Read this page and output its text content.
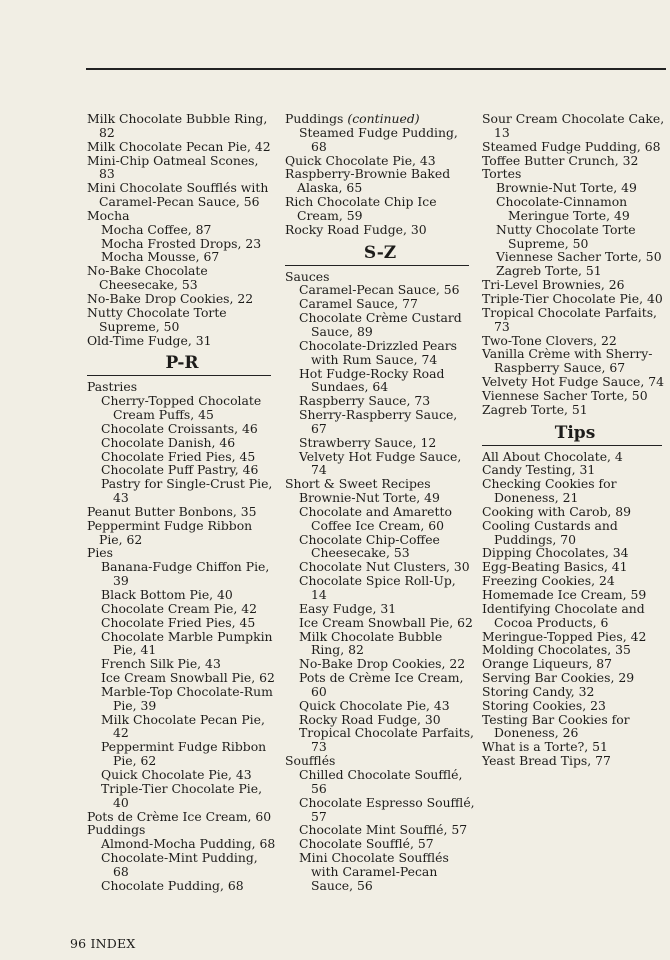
Milk Chocolate Bubble Ring, 82
Milk Chocolate Pecan Pie, 42
Mini-Chip Oatmeal Scones, 83
Mini Chocolate Soufflés with Caramel-Pecan Sauce, 56
Mocha
Mocha Coffee, 87
Mocha Frosted Drops, 23
Mocha Mousse, 67
No-Bake Chocolate Cheesecake, 53
No-Bake Drop Cookies, 22
Nutty Chocolate Torte Supreme, 50
Old-Time Fudge, 31
P-R
Pastries
Cherry-Topped Chocolate Cream Puffs, 45
Chocolate Croissants, 46
Chocolate Danish, 46
Chocolate Fried Pies, 45
Chocolate Puff Pastry, 46
Pastry for Single-Crust Pie, 43
Peanut Butter Bonbons, 35
Peppermint Fudge Ribbon Pie, 62
Pies
Banana-Fudge Chiffon Pie, 39
Black Bottom Pie, 40
Chocolate Cream Pie, 42
Chocolate Fried Pies, 45
Chocolate Marble Pumpkin Pie, 41
French Silk Pie, 43
Ice Cream Snowball Pie, 62
Marble-Top Chocolate-Rum Pie, 39
Milk Chocolate Pecan Pie, 42
Peppermint Fudge Ribbon Pie, 62
Quick Chocolate Pie, 43
Triple-Tier Chocolate Pie, 40
Pots de Crème Ice Cream, 60
Puddings
Almond-Mocha Pudding, 68
Chocolate-Mint Pudding, 68
Chocolate Pudding, 68
Puddings (continued)
Steamed Fudge Pudding, 68
Quick Chocolate Pie, 43
Raspberry-Brownie Baked Alaska, 65
Rich Chocolate Chip Ice Cream, 59
Rocky Road Fudge, 30
S-Z
Sauces
Caramel-Pecan Sauce, 56
Caramel Sauce, 77
Chocolate Crème Custard Sauce, 89
Chocolate-Drizzled Pears with Rum Sauce, 74
Hot Fudge-Rocky Road Sundaes, 64
Raspberry Sauce, 73
Sherry-Raspberry Sauce, 67
Strawberry Sauce, 12
Velvety Hot Fudge Sauce, 74
Short & Sweet Recipes
Brownie-Nut Torte, 49
Chocolate and Amaretto Coffee Ice Cream, 60
Chocolate Chip-Coffee Cheesecake, 53
Chocolate Nut Clusters, 30
Chocolate Spice Roll-Up, 14
Easy Fudge, 31
Ice Cream Snowball Pie, 62
Milk Chocolate Bubble Ring, 82
No-Bake Drop Cookies, 22
Pots de Crème Ice Cream, 60
Quick Chocolate Pie, 43
Rocky Road Fudge, 30
Tropical Chocolate Parfaits, 73
Soufflés
Chilled Chocolate Soufflé, 56
Chocolate Espresso Soufflé, 57
Chocolate Mint Soufflé, 57
Chocolate Soufflé, 57
Mini Chocolate Soufflés with Caramel-Pecan Sauce, 56
Sour Cream Chocolate Cake, 13
Steamed Fudge Pudding, 68
Toffee Butter Crunch, 32
Tortes
Brownie-Nut Torte, 49
Chocolate-Cinnamon Meringue Torte, 49
Nutty Chocolate Torte Supreme, 50
Viennese Sacher Torte, 50
Zagreb Torte, 51
Tri-Level Brownies, 26
Triple-Tier Chocolate Pie, 40
Tropical Chocolate Parfaits, 73
Two-Tone Clovers, 22
Vanilla Crème with Sherry-Raspberry Sauce, 67
Velvety Hot Fudge Sauce, 74
Viennese Sacher Torte, 50
Zagreb Torte, 51
Tips
All About Chocolate, 4
Candy Testing, 31
Checking Cookies for Doneness, 21
Cooking with Carob, 89
Cooling Custards and Puddings, 70
Dipping Chocolates, 34
Egg-Beating Basics, 41
Freezing Cookies, 24
Homemade Ice Cream, 59
Identifying Chocolate and Cocoa Products, 6
Meringue-Topped Pies, 42
Molding Chocolates, 35
Orange Liqueurs, 87
Serving Bar Cookies, 29
Storing Candy, 32
Storing Cookies, 23
Testing Bar Cookies for Doneness, 26
What is a Torte?, 51
Yeast Bread Tips, 77
96 INDEX
